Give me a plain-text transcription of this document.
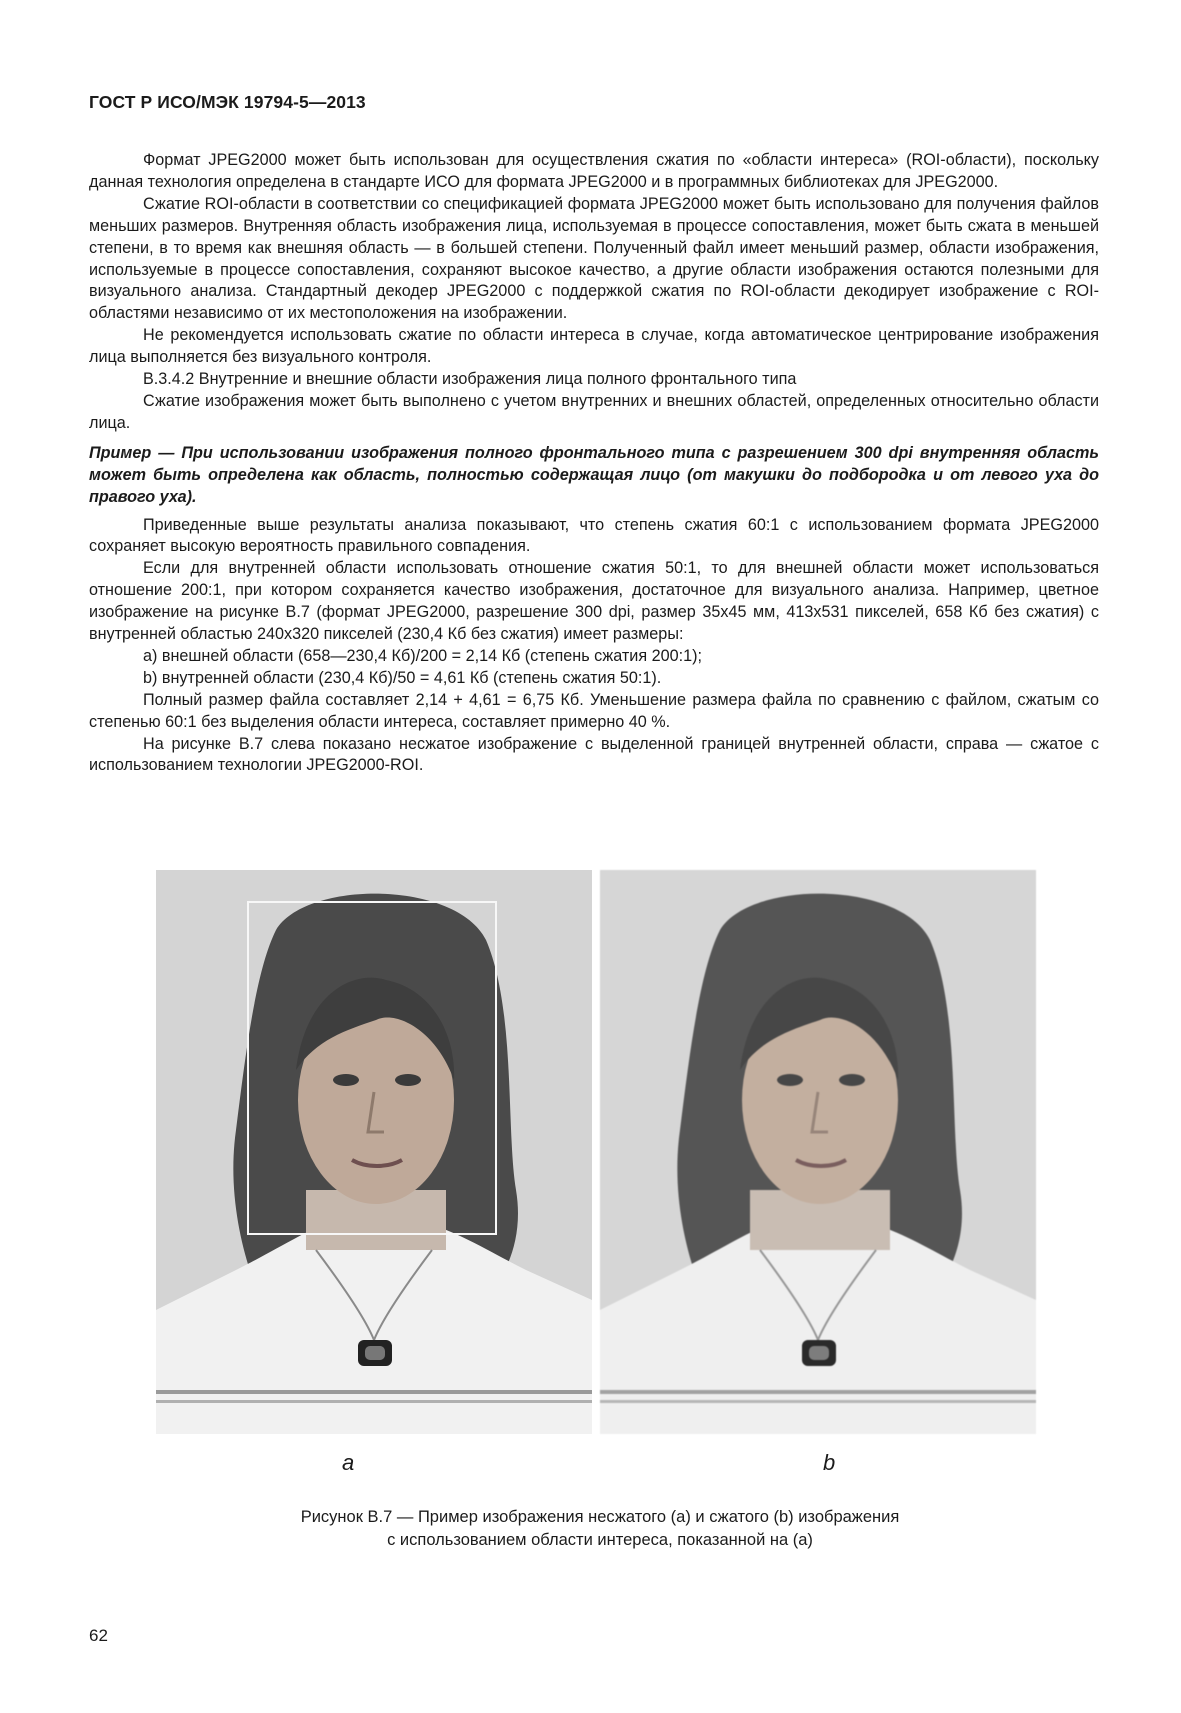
ГОСТ Р ИСО/МЭК 19794-5—2013

Формат JPEG2000 может быть использован для осуществления сжатия по «области интереса» (ROI-области), поскольку данная технология определена в стандарте ИСО для формата JPEG2000 и в программных библиотеках для JPEG2000.

Сжатие ROI-области в соответствии со спецификацией формата JPEG2000 может быть использовано для получения файлов меньших размеров. Внутренняя область изображения лица, используемая в процессе сопоставления, может быть сжата в меньшей степени, в то время как внешняя область — в большей степени. Полученный файл имеет меньший размер, области изображения, используемые в процессе сопоставления, сохраняют высокое качество, а другие области изображения остаются полезными для визуального анализа. Стандартный декодер JPEG2000 с поддержкой сжатия по ROI-области декодирует изображение с ROI-областями независимо от их местоположения на изображении.

Не рекомендуется использовать сжатие по области интереса в случае, когда автоматическое центрирование изображения лица выполняется без визуального контроля.

B.3.4.2 Внутренние и внешние области изображения лица полного фронтального типа

Сжатие изображения может быть выполнено с учетом внутренних и внешних областей, определенных относительно области лица.

Пример — При использовании изображения полного фронтального типа с разрешением 300 dpi внутренняя область может быть определена как область, полностью содержащая лицо (от макушки до подбородка и от левого уха до правого уха).

Приведенные выше результаты анализа показывают, что степень сжатия 60:1 с использованием формата JPEG2000 сохраняет высокую вероятность правильного совпадения.

Если для внутренней области использовать отношение сжатия 50:1, то для внешней области может использоваться отношение 200:1, при котором сохраняется качество изображения, достаточное для визуального анализа. Например, цветное изображение на рисунке B.7 (формат JPEG2000, разрешение 300 dpi, размер 35x45 мм, 413x531 пикселей, 658 Кб без сжатия) с внутренней областью 240x320 пикселей (230,4 Кб без сжатия) имеет размеры:

a) внешней области (658—230,4 Кб)/200 = 2,14 Кб (степень сжатия 200:1);

b) внутренней области (230,4 Кб)/50 = 4,61 Кб (степень сжатия 50:1).

Полный размер файла составляет 2,14 + 4,61 = 6,75 Кб. Уменьшение размера файла по сравнению с файлом, сжатым со степенью 60:1 без выделения области интереса, составляет примерно 40 %.

На рисунке B.7 слева показано несжатое изображение с выделенной границей внутренней области, справа — сжатое с использованием технологии JPEG2000-ROI.

a	b
Рисунок B.7 — Пример изображения несжатого (a) и сжатого (b) изображения
с использованием области интереса, показанной на (a)
62
